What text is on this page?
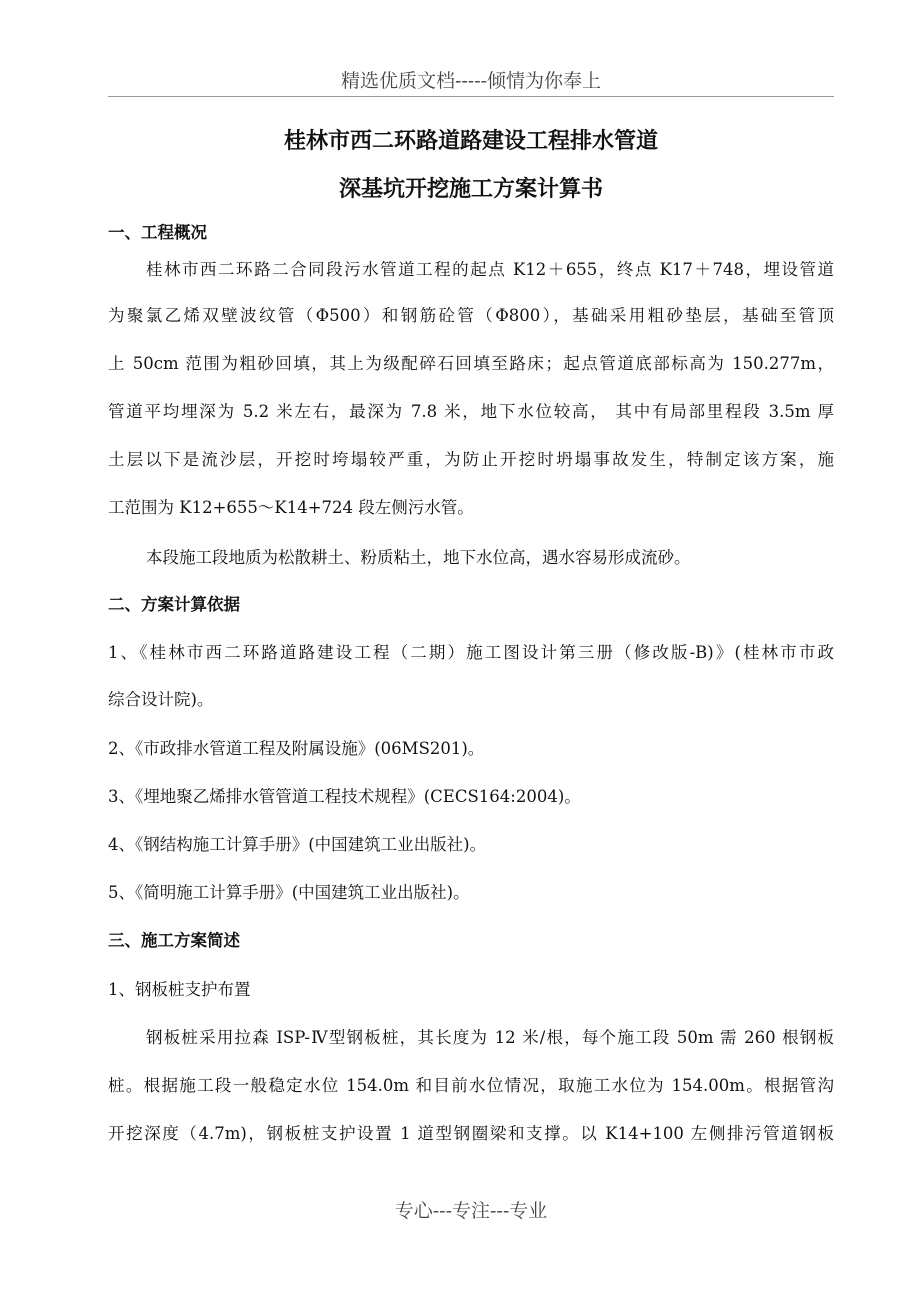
精选优质文档-----倾情为你奉上
桂林市西二环路道路建设工程排水管道
深基坑开挖施工方案计算书
一、工程概况
桂林市西二环路二合同段污水管道工程的起点 K12＋655，终点 K17＋748，埋设管道
为聚氯乙烯双壁波纹管（Φ500）和钢筋砼管（Φ800），基础采用粗砂垫层，基础至管顶
上 50cm 范围为粗砂回填，其上为级配碎石回填至路床；起点管道底部标高为 150.277m，
管道平均埋深为 5.2 米左右，最深为 7.8 米，地下水位较高， 其中有局部里程段 3.5m 厚
土层以下是流沙层，开挖时垮塌较严重，为防止开挖时坍塌事故发生，特制定该方案，施
工范围为 K12+655～K14+724 段左侧污水管。
本段施工段地质为松散耕土、粉质粘土，地下水位高，遇水容易形成流砂。
二、方案计算依据
1、《桂林市西二环路道路建设工程（二期）施工图设计第三册（修改版-B)》(桂林市市政
综合设计院)。
2、《市政排水管道工程及附属设施》(06MS201)。
3、《埋地聚乙烯排水管管道工程技术规程》(CECS164:2004)。
4、《钢结构施工计算手册》(中国建筑工业出版社)。
5、《简明施工计算手册》(中国建筑工业出版社)。
三、施工方案简述
1、钢板桩支护布置
钢板桩采用拉森 ISP-Ⅳ型钢板桩，其长度为 12 米/根，每个施工段 50m 需 260 根钢板
桩。根据施工段一般稳定水位 154.0m 和目前水位情况，取施工水位为 154.00m。根据管沟
开挖深度（4.7m)，钢板桩支护设置 1 道型钢圈梁和支撑。以 K14+100 左侧排污管道钢板
专心---专注---专业
